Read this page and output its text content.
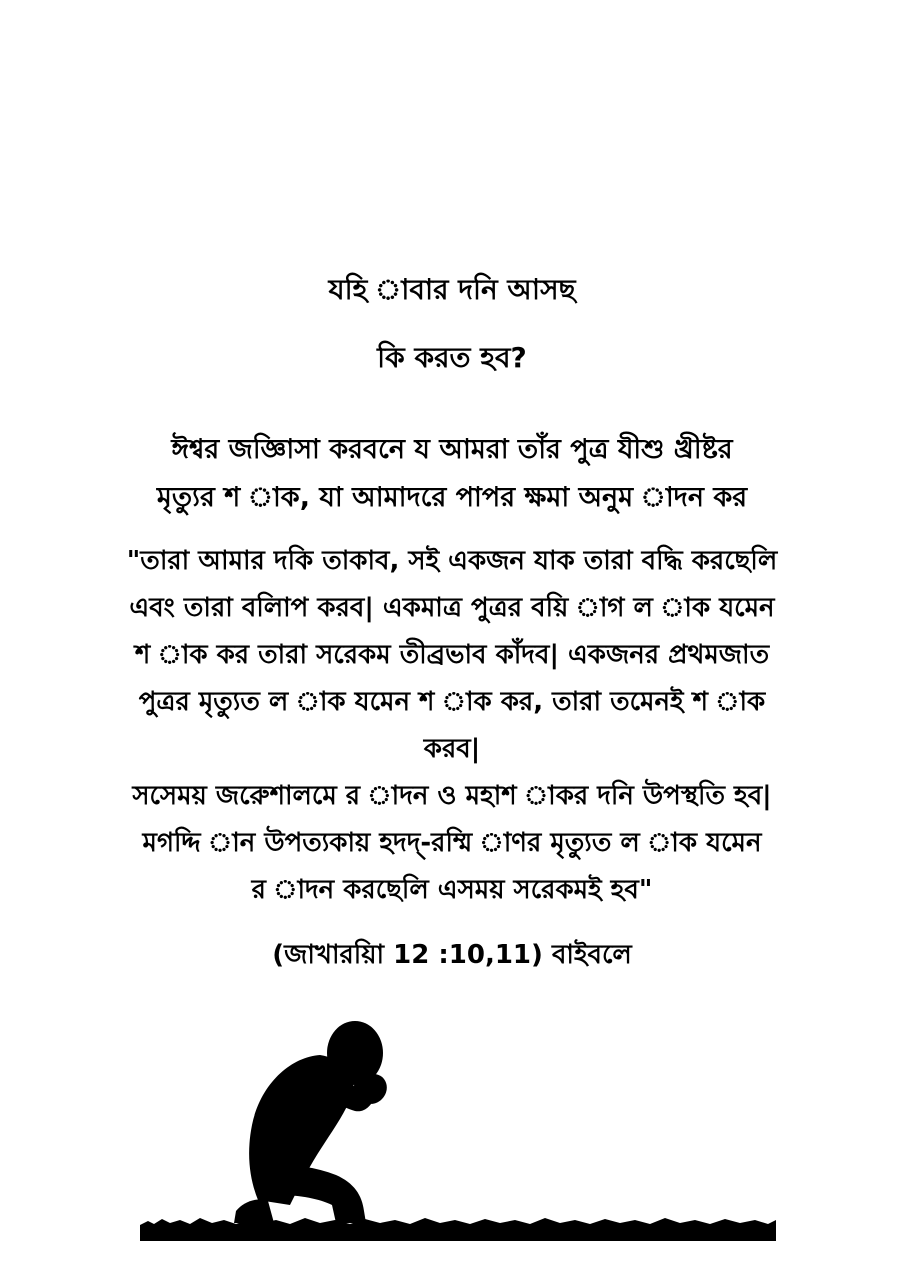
যহি াবার দনি আসছ
কি করত হব?
ঈশ্বর জজ্ঞিাসা করবনে য আমরা তাঁর পুত্র যীশু খ্রীষ্টর
মৃত্যুর শ াক, যা আমাদরে পাপর ক্ষমা অনুম াদন কর
"তারা আমার দকি তাকাব, সই একজন যাক তারা বদ্ধি করছেলি
এবং তারা বলিাপ করব| একমাত্র পুত্রর বয়ি াগ ল াক যমেন
শ াক কর তারা সরেকম তীব্রভাব কাঁদব| একজনর প্রথমজাত
পুত্রর মৃত্যুত ল াক যমেন শ াক কর, তারা তমেনই শ াক
করব|
সসেময় জরেুশালমে র াদন ও মহাশ াকর দনি উপস্থতি হব|
মগদ্দি ান উপত্যকায় হদদ্-রম্মি াণর মৃত্যুত ল াক যমেন
র াদন করছেলি এসময় সরেকমই হব"
(জাখারয়াি 12 :10,11) বাইবলে
